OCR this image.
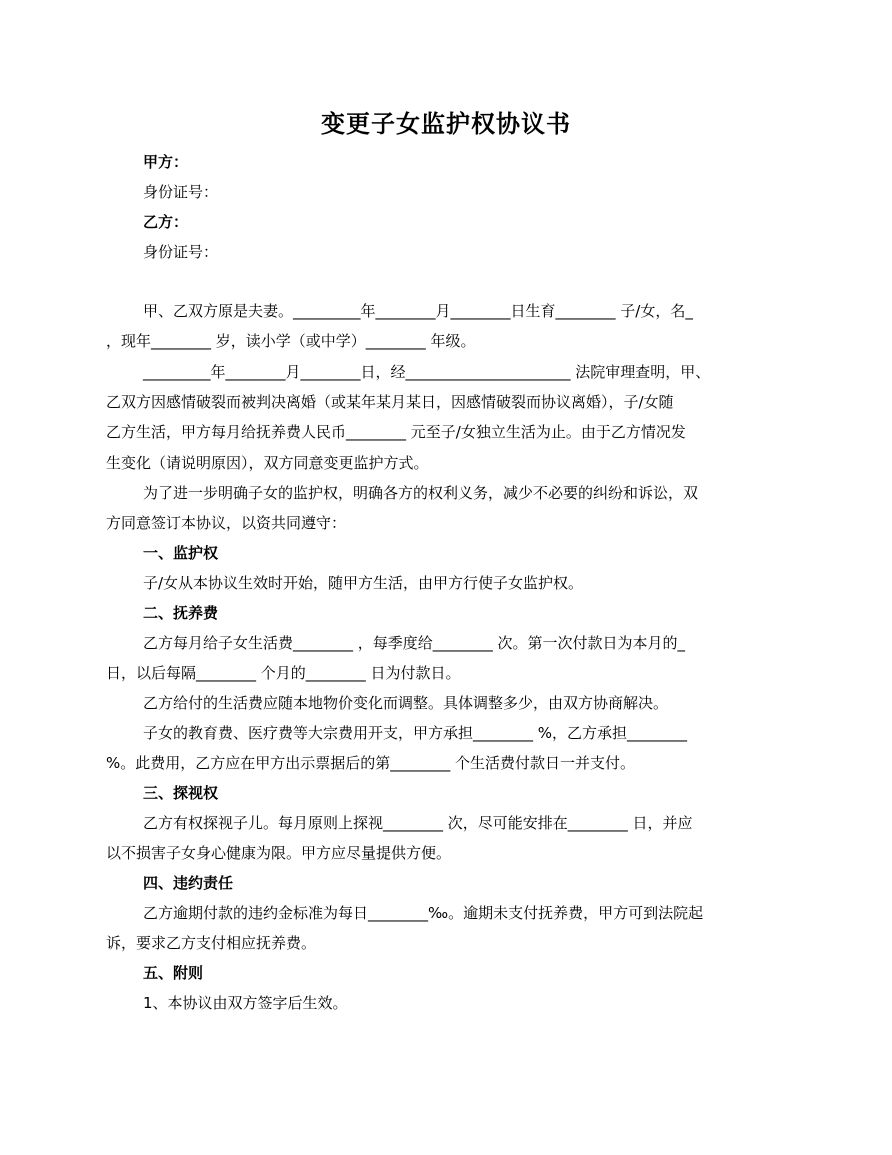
变更子女监护权协议书

甲方：

身份证号：

乙方：

身份证号：

甲、乙双方原是夫妻。_________年________月________日生育________ 子/女，名_

，现年________ 岁，读小学（或中学）________ 年级。

_________年________月________日，经______________________ 法院审理查明，甲、

乙双方因感情破裂而被判决离婚（或某年某月某日，因感情破裂而协议离婚），子/女随

乙方生活，甲方每月给抚养费人民币________ 元至子/女独立生活为止。由于乙方情况发

生变化（请说明原因），双方同意变更监护方式。

为了进一步明确子女的监护权，明确各方的权利义务，减少不必要的纠纷和诉讼，双

方同意签订本协议，以资共同遵守：

一、监护权

子/女从本协议生效时开始，随甲方生活，由甲方行使子女监护权。

二、抚养费

乙方每月给子女生活费________ ，每季度给________ 次。第一次付款日为本月的_

日，以后每隔________ 个月的________ 日为付款日。

乙方给付的生活费应随本地物价变化而调整。具体调整多少，由双方协商解决。

子女的教育费、医疗费等大宗费用开支，甲方承担________ %，乙方承担________

%。此费用，乙方应在甲方出示票据后的第________ 个生活费付款日一并支付。

三、探视权

乙方有权探视子儿。每月原则上探视________ 次，尽可能安排在________ 日，并应

以不损害子女身心健康为限。甲方应尽量提供方便。

四、违约责任

乙方逾期付款的违约金标准为每日________‰。逾期未支付抚养费，甲方可到法院起

诉，要求乙方支付相应抚养费。

五、附则

1、本协议由双方签字后生效。
